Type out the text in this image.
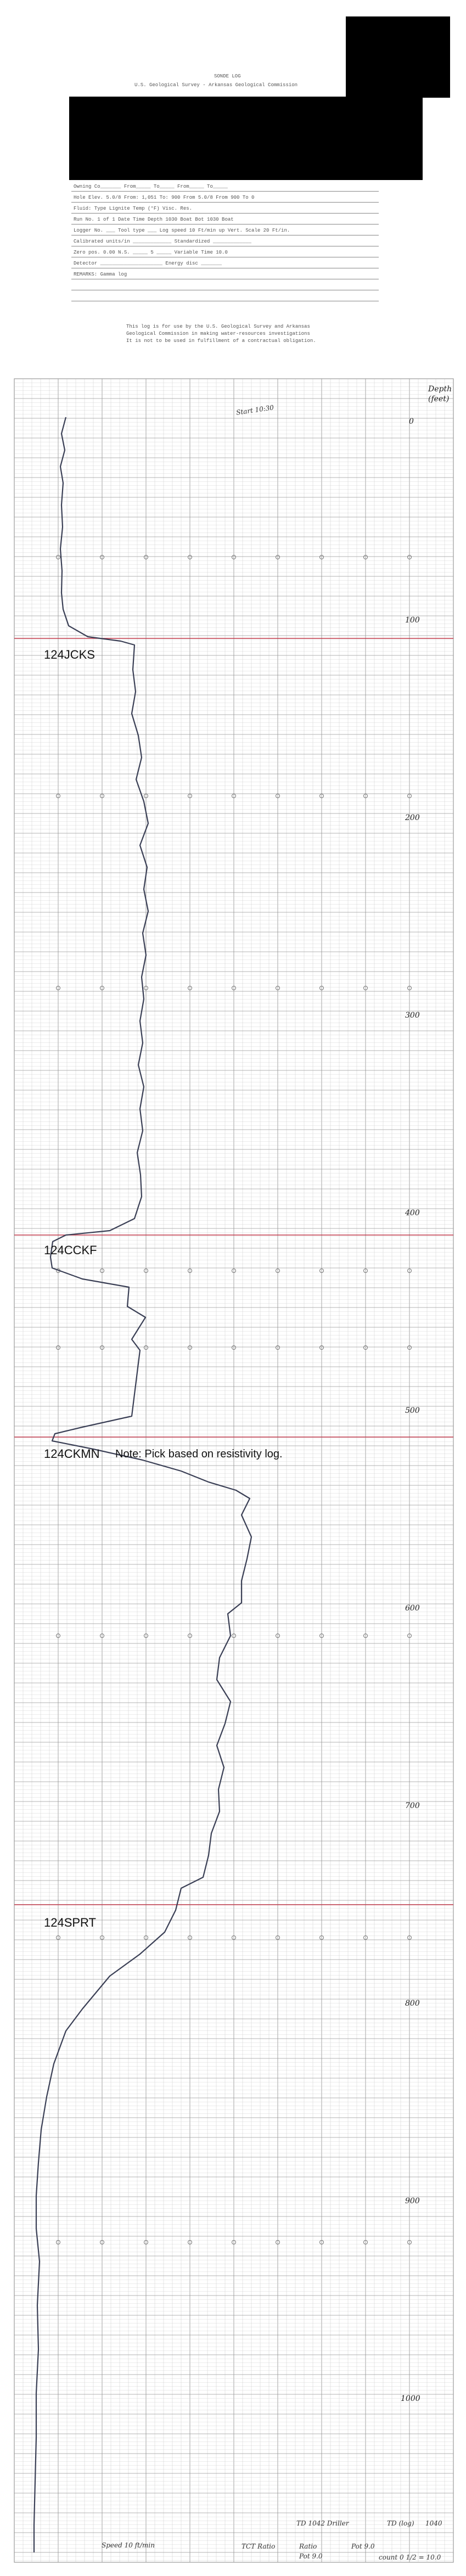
SONDE LOG
U.S. Geological Survey - Arkansas Geological Commission
Owning Co_______ From_____ To_____ From_____ To_____
Hole Elev. 5.0/8 From: 1,051 To: 900 From 5.0/8 From 900 To 0
Fluid: Type Lignite Temp (°F) Visc. Res.
Run No. 1 of 1 Date Time Depth 1030 Boat Bot 1030 Boat
Logger No. ___ Tool type ___ Log speed 10 Ft/min up Vert. Scale 20 Ft/in.
Calibrated units/in _____________ Standardized _____________
Zero pos. 0.00 N.S. _____ 5 _____ Variable Time 10.0
Detector _____________________ Energy disc _______
REMARKS: Gamma log
This log is for use by the U.S. Geological Survey and Arkansas
Geological Commission in making water-resources investigations
It is not to be used in fulfillment of a contractual obligation.
Start 10:30
Depth
(feet)
0
100
200
300
400
500
600
700
800
900
1000
124JCKS
124CCKF
124CKMN Note: Pick based on resistivity log.
124SPRT
TD 1042 Driller	TD (log) 1040
Speed 10 ft/min	TCT Ratio
Pot 9.0
Ratio	Pot 9.0
count 0 1/2 = 10.0
